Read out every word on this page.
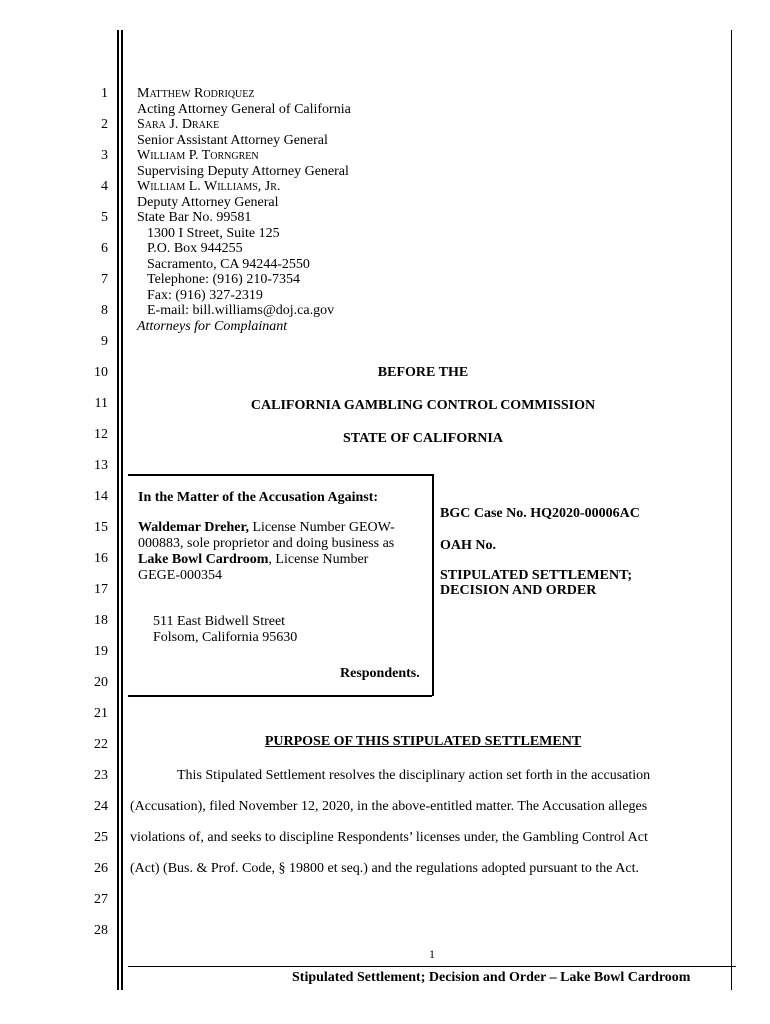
1
2
3
4
5
6
7
8
9
10
11
12
13
14
15
16
17
18
19
20
21
22
23
24
25
26
27
28
Matthew Rodriquez
Acting Attorney General of California
Sara J. Drake
Senior Assistant Attorney General
William P. Torngren
Supervising Deputy Attorney General
William L. Williams, Jr.
Deputy Attorney General
State Bar No. 99581
1300 I Street, Suite 125
P.O. Box 944255
Sacramento, CA 94244-2550
Telephone: (916) 210-7354
Fax: (916) 327-2319
E-mail: bill.williams@doj.ca.gov
Attorneys for Complainant
BEFORE THE
CALIFORNIA GAMBLING CONTROL COMMISSION
STATE OF CALIFORNIA
In the Matter of the Accusation Against:
Waldemar Dreher, License Number GEOW-
000883, sole proprietor and doing business as
Lake Bowl Cardroom, License Number
GEGE-000354
511 East Bidwell Street
Folsom, California 95630
Respondents.
BGC Case No. HQ2020-00006AC
OAH No.
STIPULATED SETTLEMENT;
DECISION AND ORDER
PURPOSE OF THIS STIPULATED SETTLEMENT
This Stipulated Settlement resolves the disciplinary action set forth in the accusation
(Accusation), filed November 12, 2020, in the above-entitled matter. The Accusation alleges
violations of, and seeks to discipline Respondents’ licenses under, the Gambling Control Act
(Act) (Bus. & Prof. Code, § 19800 et seq.) and the regulations adopted pursuant to the Act.
1
Stipulated Settlement; Decision and Order – Lake Bowl Cardroom
